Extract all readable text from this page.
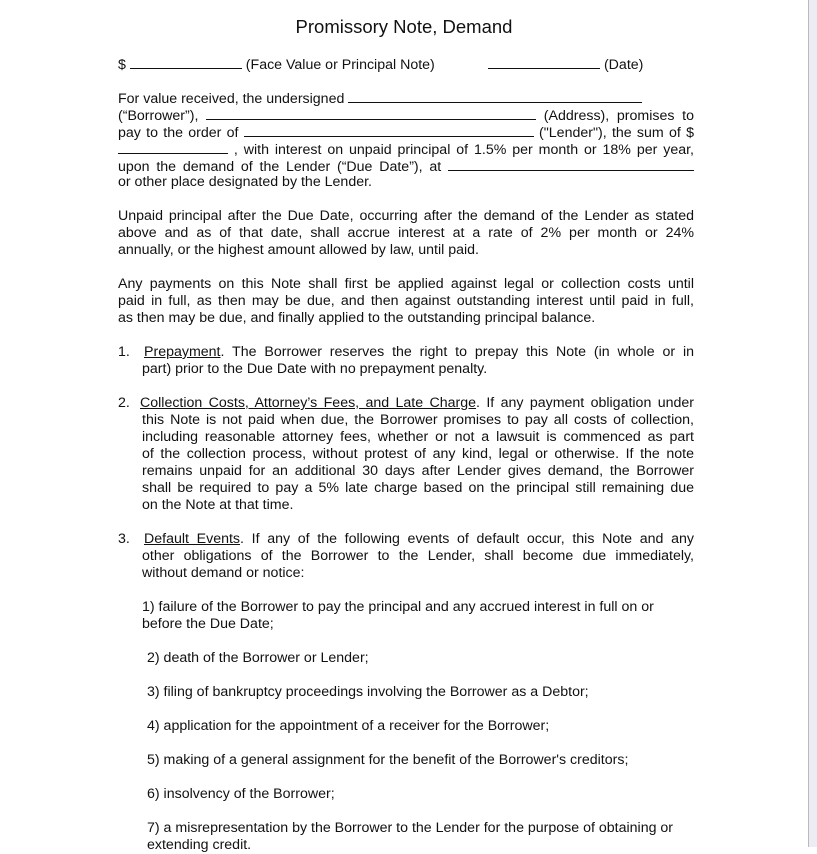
Promissory Note, Demand
$	(Face Value or Principal Note)	(Date)
For value received, the undersigned
(“Borrower”),	(Address), promises to
pay to the order of	("Lender"), the sum of $
, with interest on unpaid principal of 1.5% per month or 18% per year,
upon the demand of the Lender (“Due Date”), at
or other place designated by the Lender.
Unpaid principal after the Due Date, occurring after the demand of the Lender as stated
above and as of that date, shall accrue interest at a rate of 2% per month or 24%
annually, or the highest amount allowed by law, until paid.
Any payments on this Note shall first be applied against legal or collection costs until
paid in full, as then may be due, and then against outstanding interest until paid in full,
as then may be due, and finally applied to the outstanding principal balance.
1. Prepayment. The Borrower reserves the right to prepay this Note (in whole or in
part) prior to the Due Date with no prepayment penalty.
2. Collection Costs, Attorney’s Fees, and Late Charge. If any payment obligation under
this Note is not paid when due, the Borrower promises to pay all costs of collection,
including reasonable attorney fees, whether or not a lawsuit is commenced as part
of the collection process, without protest of any kind, legal or otherwise. If the note
remains unpaid for an additional 30 days after Lender gives demand, the Borrower
shall be required to pay a 5% late charge based on the principal still remaining due
on the Note at that time.
3. Default Events. If any of the following events of default occur, this Note and any
other obligations of the Borrower to the Lender, shall become due immediately,
without demand or notice:
1) failure of the Borrower to pay the principal and any accrued interest in full on or
before the Due Date;
2) death of the Borrower or Lender;
3) filing of bankruptcy proceedings involving the Borrower as a Debtor;
4) application for the appointment of a receiver for the Borrower;
5) making of a general assignment for the benefit of the Borrower's creditors;
6) insolvency of the Borrower;
7) a misrepresentation by the Borrower to the Lender for the purpose of obtaining or
extending credit.
